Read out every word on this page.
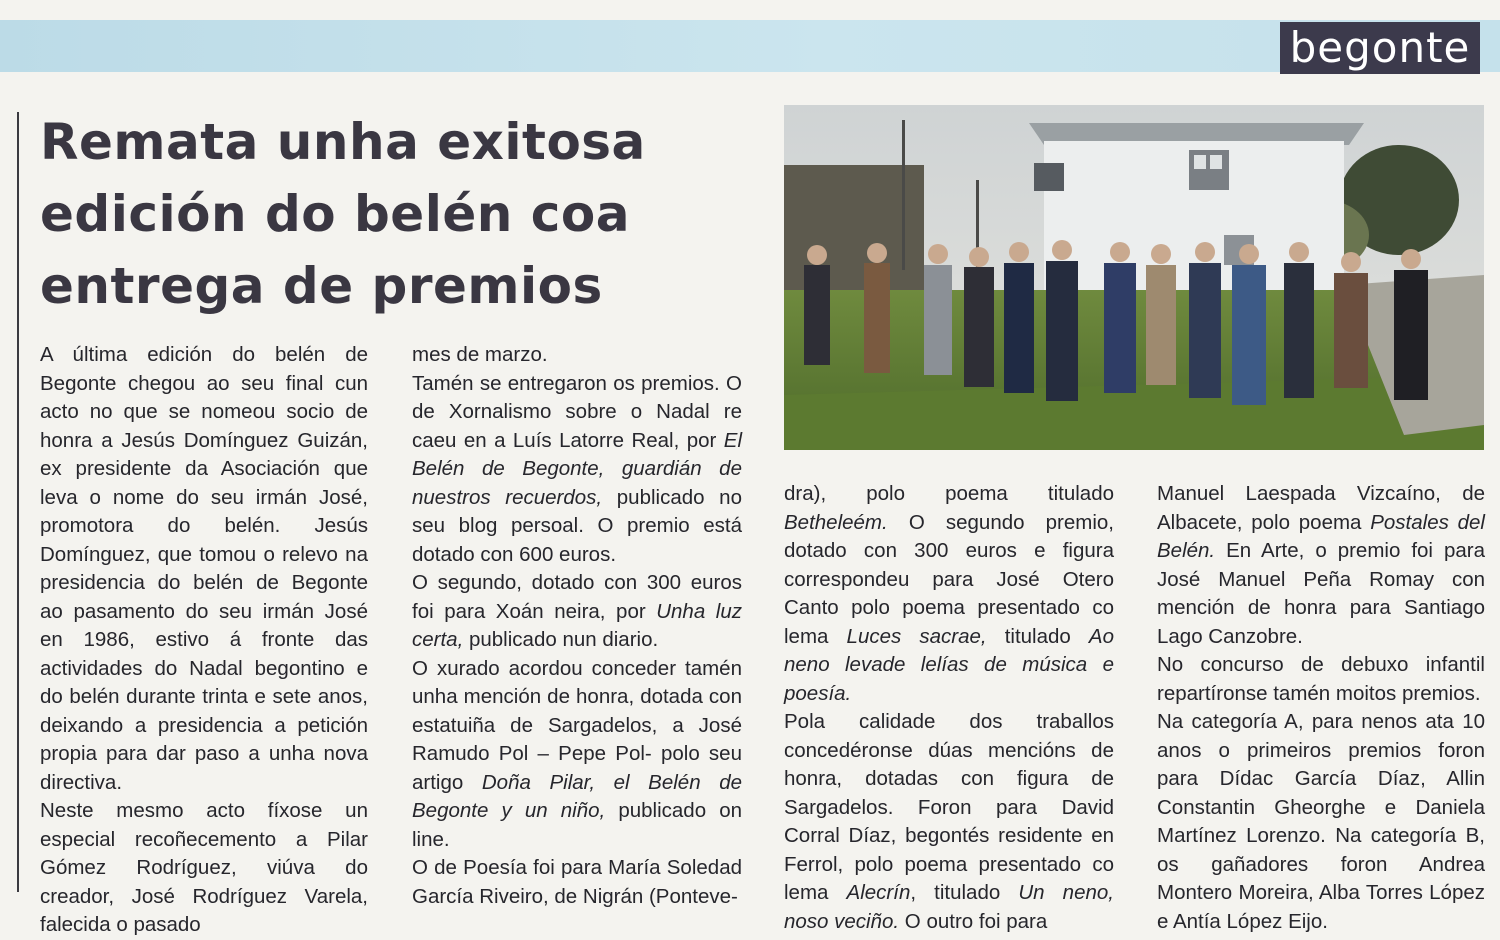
begonte
Remata unha exitosa edición do belén coa entrega de premios

A última edición do belén de Begonte chegou ao seu final cun acto no que se nomeou socio de honra a Jesús Domínguez Guizán, ex presidente da Asociación que leva o nome do seu irmán José, promotora do belén. Jesús Domínguez, que tomou o relevo na presidencia do belén de Begonte ao pasamento do seu irmán José en 1986, estivo á fronte das actividades do Nadal begontino e do belén durante trinta e sete anos, deixando a presidencia a petición propia para dar paso a unha nova directiva.

Neste mesmo acto fíxose un especial recoñecemento a Pilar Gómez Rodríguez, viúva do creador, José Rodríguez Varela, falecida o pasado

mes de marzo.

Tamén se entregaron os premios. O de Xornalismo sobre o Nadal re caeu en a Luís Latorre Real, por El Belén de Begonte, guardián de nuestros recuerdos, publicado no seu blog persoal. O premio está dotado con 600 euros.

O segundo, dotado con 300 euros foi para Xoán neira, por Unha luz certa, publicado nun diario.

O xurado acordou conceder tamén unha mención de honra, dotada con estatuiña de Sargadelos, a José Ramudo Pol – Pepe Pol- polo seu artigo Doña Pilar, el Belén de Begonte y un niño, publicado on line.

O de Poesía foi para María Soledad García Riveiro, de Nigrán (Ponteve-

dra), polo poema titulado Betheleém. O segundo premio, dotado con 300 euros e figura correspondeu para José Otero Canto polo poema presentado co lema Luces sacrae, titulado Ao neno levade lelías de música e poesía.

Pola calidade dos traballos concedéronse dúas mencións de honra, dotadas con figura de Sargadelos. Foron para David Corral Díaz, begontés residente en Ferrol, polo poema presentado co lema Alecrín, titulado Un neno, noso veciño. O outro foi para

Manuel Laespada Vizcaíno, de Albacete, polo poema Postales del Belén. En Arte, o premio foi para José Manuel Peña Romay con mención de honra para Santiago Lago Canzobre.

No concurso de debuxo infantil repartíronse tamén moitos premios.

Na categoría A, para nenos ata 10 anos o primeiros premios foron para Dídac García Díaz, Allin Constantin Gheorghe e Daniela Martínez Lorenzo. Na categoría B, os gañadores foron Andrea Montero Moreira, Alba Torres López e Antía López Eijo.
